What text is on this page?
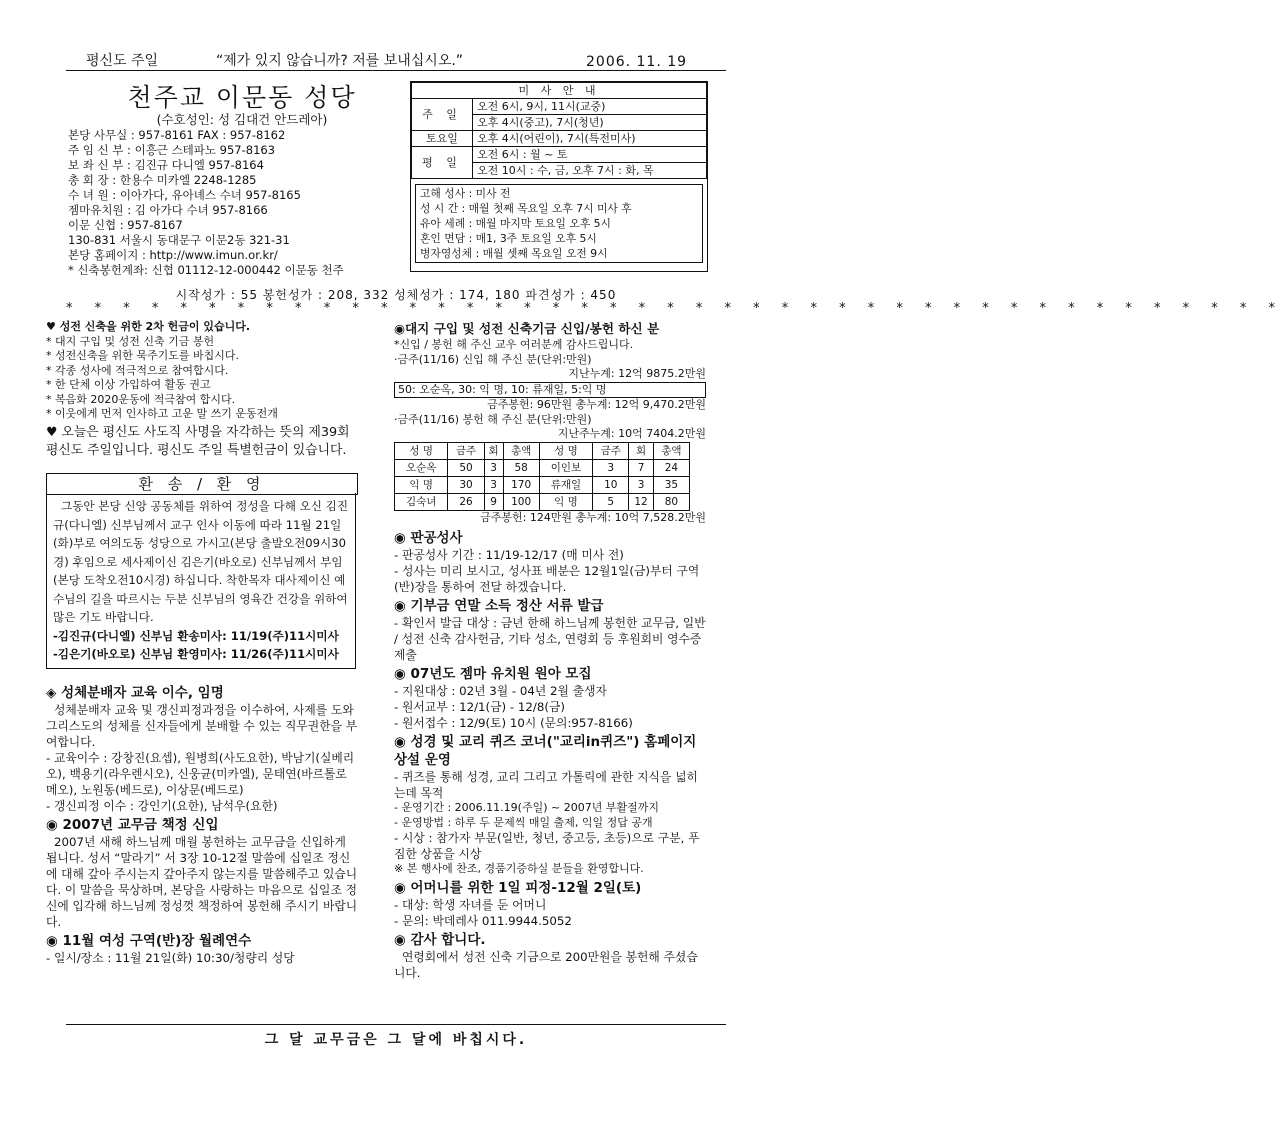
평신도 주일	“제가 있지 않습니까? 저를 보내십시오.”	2006. 11. 19
천주교 이문동 성당
(수호성인: 성 김대건 안드레아)
본당 사무실 : 957-8161 FAX : 957-8162
주 임 신 부 : 이흥근 스테파노 957-8163
보 좌 신 부 : 김진규 다니엘 957-8164
총 회 장 : 한용수 미카엘 2248-1285
수 녀 원 : 이아가다, 유아녜스 수녀 957-8165
젬마유치원 : 김 아가다 수녀 957-8166
이문 신협 : 957-8167
130-831 서울시 동대문구 이문2동 321-31
본당 홈페이지 : http://www.imun.or.kr/
* 신축봉헌계좌: 신협 01112-12-000442 이문동 천주
미 사 안 내	
주 일	오전 6시, 9시, 11시(교중)
	오후 4시(중고), 7시(청년)
토요일	오후 4시(어린이), 7시(특전미사)
평 일	오전 6시 : 월 ~ 토
	오전 10시 : 수, 금, 오후 7시 : 화, 목
고해 성사 : 미사 전
성 시 간 : 매월 첫째 목요일 오후 7시 미사 후
유아 세례 : 매월 마지막 토요일 오후 5시
혼인 면담 : 매1, 3주 토요일 오후 5시
병자영성체 : 매월 셋째 목요일 오전 9시
시작성가 : 55 봉헌성가 : 208, 332 성체성가 : 174, 180 파견성가 : 450
* * * * * * * * * * * * * * * * * * * * * * * * * * * * * * * * * * * * * * * * * * *

♥ 성전 신축을 위한 2차 헌금이 있습니다.

* 대지 구입 및 성전 신축 기금 봉헌

* 성전신축을 위한 묵주기도를 바칩시다.

* 각종 성사에 적극적으로 참여합시다.

* 한 단체 이상 가입하여 활동 권고

* 복음화 2020운동에 적극참여 합시다.

* 이웃에게 먼저 인사하고 고운 말 쓰기 운동전개

♥ 오늘은 평신도 사도직 사명을 자각하는 뜻의 제39회 평신도 주일입니다. 평신도 주일 특별헌금이 있습니다.

환 송 / 환 영

그동안 본당 신앙 공동체를 위하여 정성을 다해 오신 김진규(다니엘) 신부님께서 교구 인사 이동에 따라 11월 21일(화)부로 여의도동 성당으로 가시고(본당 출발오전09시30경) 후임으로 세사제이신 김은기(바오로) 신부님께서 부임(본당 도착오전10시경) 하십니다. 착한목자 대사제이신 예수님의 길을 따르시는 두분 신부님의 영육간 건강을 위하여 많은 기도 바랍니다.

-김진규(다니엘) 신부님 환송미사: 11/19(주)11시미사

-김은기(바오로) 신부님 환영미사: 11/26(주)11시미사

◈ 성체분배자 교육 이수, 임명

성체분배자 교육 및 갱신피정과정을 이수하여, 사제를 도와 그리스도의 성체를 신자들에게 분배할 수 있는 직무권한을 부여합니다.

- 교육이수 : 강창진(요셉), 원병희(사도요한), 박남기(실베리오), 백용기(라우렌시오), 신웅균(미카엘), 문태연(바르톨로메오), 노원동(베드로), 이상문(베드로)

- 갱신피정 이수 : 강인기(요한), 남석우(요한)

◉ 2007년 교무금 책정 신입

2007년 새해 하느님께 매월 봉헌하는 교무금을 신입하게 됩니다. 성서 “말라기” 서 3장 10-12절 말씀에 십일조 정신에 대해 갚아 주시는지 갚아주지 않는지를 말씀해주고 있습니다. 이 말씀을 묵상하며, 본당을 사랑하는 마음으로 십일조 정신에 입각해 하느님께 정성껏 책정하여 봉헌해 주시기 바랍니다.

◉ 11월 여성 구역(반)장 월례연수

- 일시/장소 : 11월 21일(화) 10:30/청량리 성당

◉대지 구입 및 성전 신축기금 신입/봉헌 하신 분

*신입 / 봉헌 해 주신 교우 여러분께 감사드립니다.

·금주(11/16) 신입 해 주신 분(단위:만원)

지난누계: 12억 9875.2만원

50: 오순옥, 30: 익 명, 10: 류재일, 5:익 명

금주봉헌: 96만원 총누계: 12억 9,470.2만원

·금주(11/16) 봉헌 해 주신 분(단위:만원)

지난주누계: 10억 7404.2만원

성 명	금주	회	총액	성 명	금주	회	총액
오순옥	50	3	58	이인보	3	7	24
익 명	30	3	170	류재일	10	3	35
김숙녀	26	9	100	익 명	5	12	80

금주봉헌: 124만원 총누계: 10억 7,528.2만원

◉ 판공성사

- 판공성사 기간 : 11/19-12/17 (매 미사 전)

- 성사는 미리 보시고, 성사표 배분은 12월1일(금)부터 구역(반)장을 통하여 전달 하겠습니다.

◉ 기부금 연말 소득 정산 서류 발급

- 확인서 발급 대상 : 금년 한해 하느님께 봉헌한 교무금, 일반 / 성전 신축 감사헌금, 기타 성소, 연령회 등 후원회비 영수증 제출

◉ 07년도 젬마 유치원 원아 모집

- 지원대상 : 02년 3월 - 04년 2월 출생자

- 원서교부 : 12/1(금) - 12/8(금)

- 원서접수 : 12/9(토) 10시 (문의:957-8166)

◉ 성경 및 교리 퀴즈 코너("교리in퀴즈") 홈페이지 상설 운영

- 퀴즈를 통해 성경, 교리 그리고 가톨릭에 관한 지식을 넓히는데 목적

- 운영기간 : 2006.11.19(주일) ~ 2007년 부활절까지

- 운영방법 : 하루 두 문제씩 매일 출제, 익일 정답 공개

- 시상 : 참가자 부문(일반, 청년, 중고등, 초등)으로 구분, 푸짐한 상품을 시상

※ 본 행사에 찬조, 경품기증하실 분들을 환영합니다.

◉ 어머니를 위한 1일 피정-12월 2일(토)

- 대상: 학생 자녀를 둔 어머니

- 문의: 박데레사 011.9944.5052

◉ 감사 합니다.

연령회에서 성전 신축 기금으로 200만원을 봉헌해 주셨습니다.

그 달 교무금은 그 달에 바칩시다.
